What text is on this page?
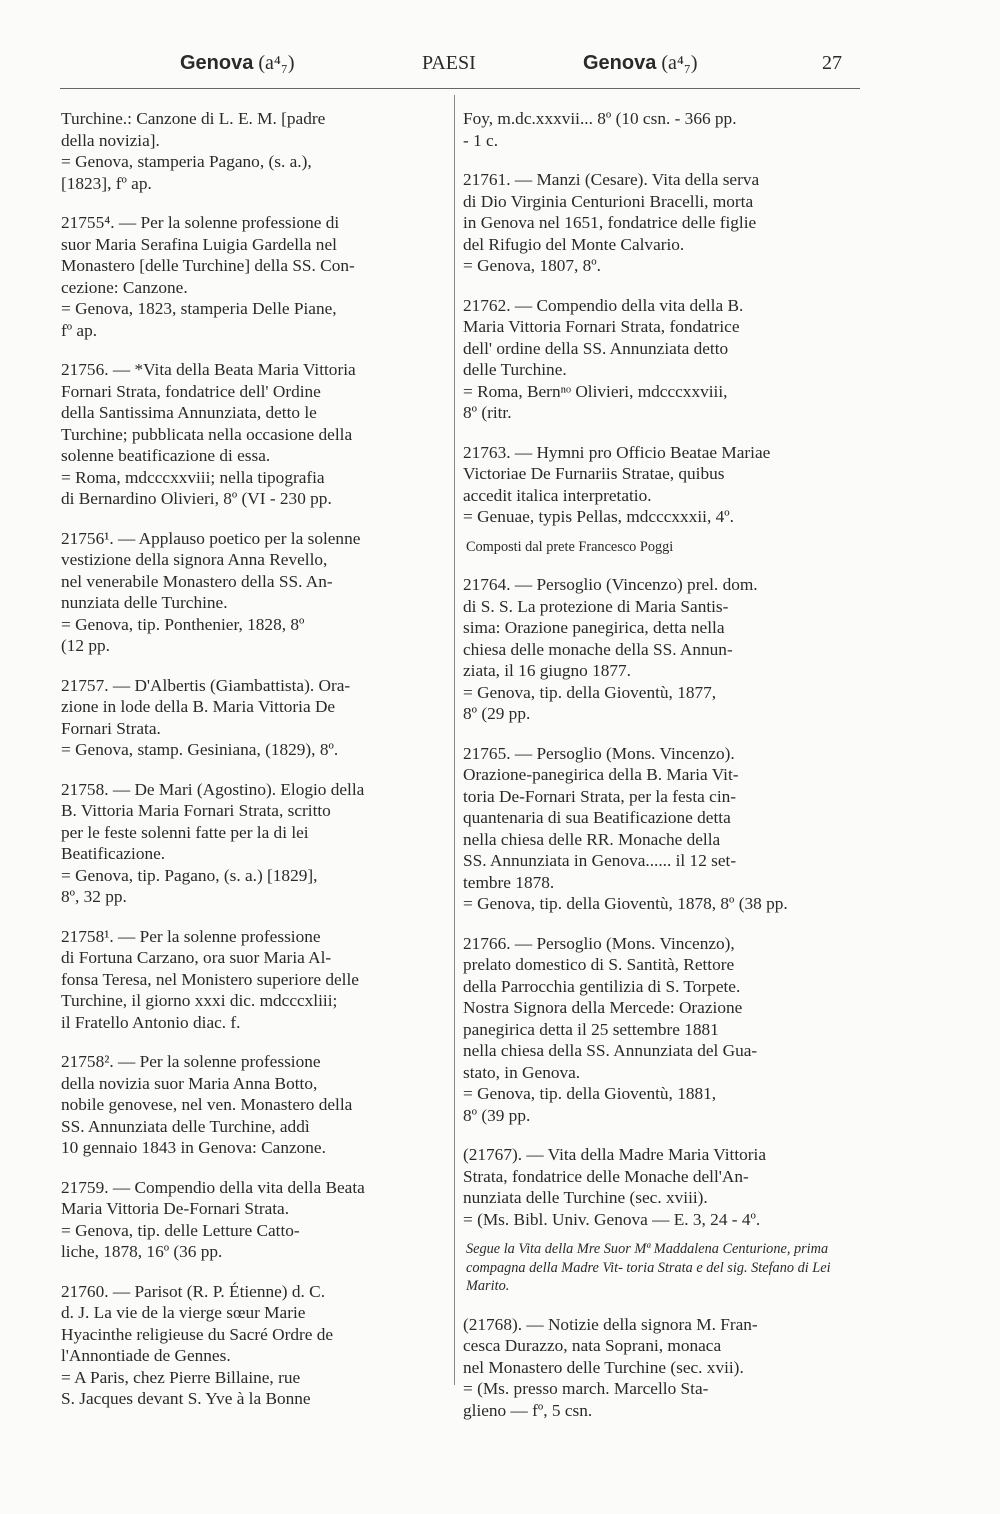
Genova (a⁴₇)	PAESI	Genova (a⁴₇)	27
Turchine.: Canzone di L. E. M. [padre
della novizia].
= Genova, stamperia Pagano, (s. a.),
[1823], fº ap.
21755⁴. — Per la solenne professione di
suor Maria Serafina Luigia Gardella nel
Monastero [delle Turchine] della SS. Con-
cezione: Canzone.
= Genova, 1823, stamperia Delle Piane,
fº ap.
21756. — *Vita della Beata Maria Vittoria
Fornari Strata, fondatrice dell' Ordine
della Santissima Annunziata, detto le
Turchine; pubblicata nella occasione della
solenne beatificazione di essa.
= Roma, mdcccxxviii; nella tipografia
di Bernardino Olivieri, 8º (VI - 230 pp.
21756¹. — Applauso poetico per la solenne
vestizione della signora Anna Revello,
nel venerabile Monastero della SS. An-
nunziata delle Turchine.
= Genova, tip. Ponthenier, 1828, 8º
(12 pp.
21757. — D'Albertis (Giambattista). Ora-
zione in lode della B. Maria Vittoria De
Fornari Strata.
= Genova, stamp. Gesiniana, (1829), 8º.
21758. — De Mari (Agostino). Elogio della
B. Vittoria Maria Fornari Strata, scritto
per le feste solenni fatte per la di lei
Beatificazione.
= Genova, tip. Pagano, (s. a.) [1829],
8º, 32 pp.
21758¹. — Per la solenne professione
di Fortuna Carzano, ora suor Maria Al-
fonsa Teresa, nel Monistero superiore delle
Turchine, il giorno xxxi dic. mdcccxliii;
il Fratello Antonio diac. f.
21758². — Per la solenne professione
della novizia suor Maria Anna Botto,
nobile genovese, nel ven. Monastero della
SS. Annunziata delle Turchine, addì
10 gennaio 1843 in Genova: Canzone.
21759. — Compendio della vita della Beata
Maria Vittoria De-Fornari Strata.
= Genova, tip. delle Letture Catto-
liche, 1878, 16º (36 pp.
21760. — Parisot (R. P. Étienne) d. C.
d. J. La vie de la vierge sœur Marie
Hyacinthe religieuse du Sacré Ordre de
l'Annontiade de Gennes.
= A Paris, chez Pierre Billaine, rue
S. Jacques devant S. Yve à la Bonne
Foy, m.dc.xxxvii... 8º (10 csn. - 366 pp.
- 1 c.
21761. — Manzi (Cesare). Vita della serva
di Dio Virginia Centurioni Bracelli, morta
in Genova nel 1651, fondatrice delle figlie
del Rifugio del Monte Calvario.
= Genova, 1807, 8º.
21762. — Compendio della vita della B.
Maria Vittoria Fornari Strata, fondatrice
dell' ordine della SS. Annunziata detto
delle Turchine.
= Roma, Bernⁿᵒ Olivieri, mdcccxxviii,
8º (ritr.
21763. — Hymni pro Officio Beatae Mariae
Victoriae De Furnariis Stratae, quibus
accedit italica interpretatio.
= Genuae, typis Pellas, mdcccxxxii, 4º.
Composti dal prete Francesco Poggi
21764. — Persoglio (Vincenzo) prel. dom.
di S. S. La protezione di Maria Santis-
sima: Orazione panegirica, detta nella
chiesa delle monache della SS. Annun-
ziata, il 16 giugno 1877.
= Genova, tip. della Gioventù, 1877,
8º (29 pp.
21765. — Persoglio (Mons. Vincenzo).
Orazione-panegirica della B. Maria Vit-
toria De-Fornari Strata, per la festa cin-
quantenaria di sua Beatificazione detta
nella chiesa delle RR. Monache della
SS. Annunziata in Genova...... il 12 set-
tembre 1878.
= Genova, tip. della Gioventù, 1878, 8º (38 pp.
21766. — Persoglio (Mons. Vincenzo),
prelato domestico di S. Santità, Rettore
della Parrocchia gentilizia di S. Torpete.
Nostra Signora della Mercede: Orazione
panegirica detta il 25 settembre 1881
nella chiesa della SS. Annunziata del Gua-
stato, in Genova.
= Genova, tip. della Gioventù, 1881,
8º (39 pp.
(21767). — Vita della Madre Maria Vittoria
Strata, fondatrice delle Monache dell'An-
nunziata delle Turchine (sec. xviii).
= (Ms. Bibl. Univ. Genova — E. 3, 24 - 4º.
Segue la Vita della Mre Suor Mª Maddalena Centurione, prima compagna della Madre Vit- toria Strata e del sig. Stefano di Lei Marito.
(21768). — Notizie della signora M. Fran-
cesca Durazzo, nata Soprani, monaca
nel Monastero delle Turchine (sec. xvii).
= (Ms. presso march. Marcello Sta-
glieno — fº, 5 csn.
